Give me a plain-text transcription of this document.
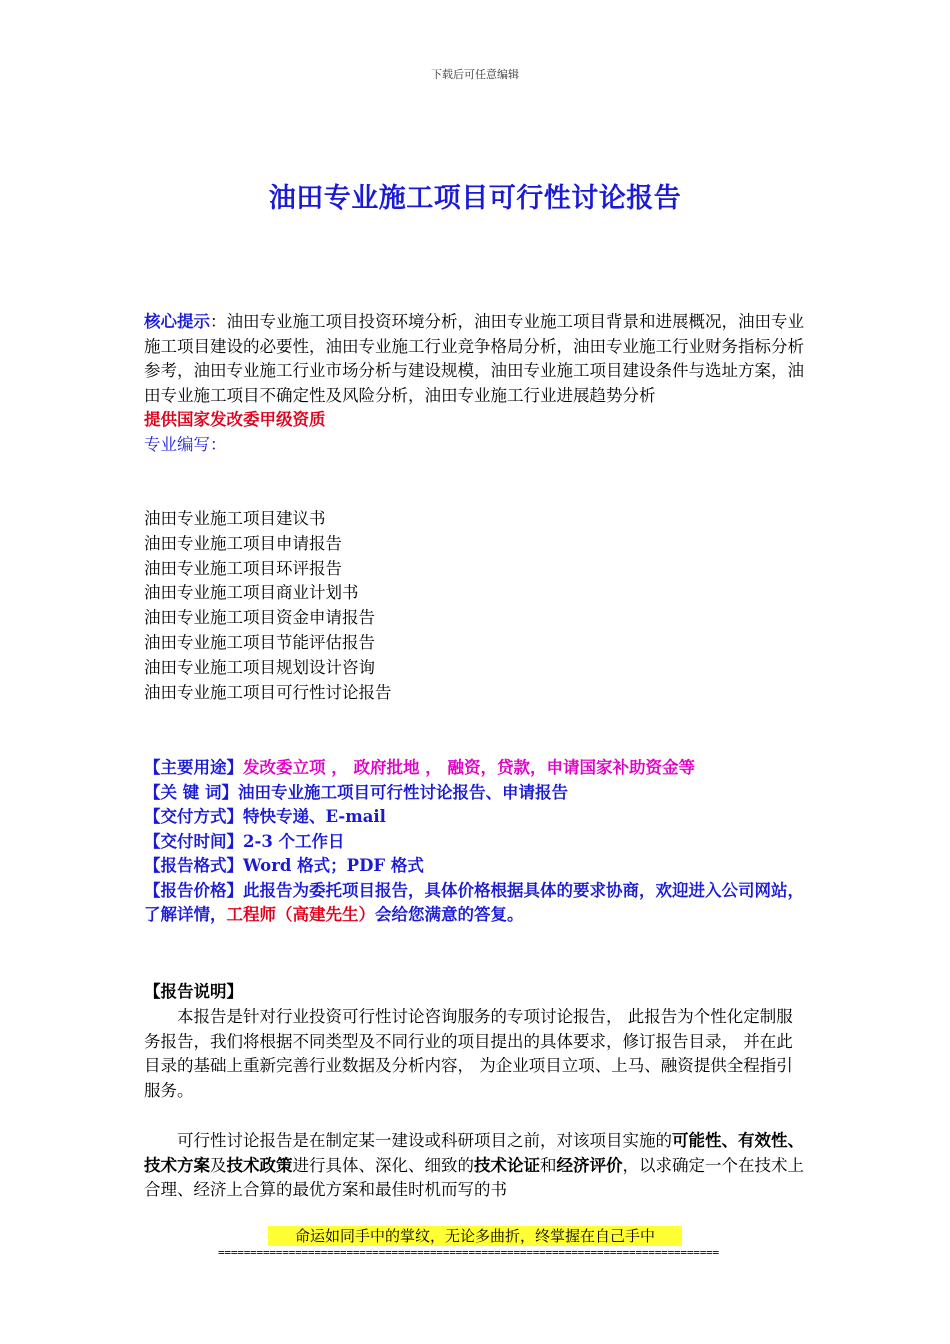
下载后可任意编辑
油田专业施工项目可行性讨论报告
核心提示：油田专业施工项目投资环境分析，油田专业施工项目背景和进展概况，油田专业施工项目建设的必要性，油田专业施工行业竞争格局分析，油田专业施工行业财务指标分析参考，油田专业施工行业市场分析与建设规模，油田专业施工项目建设条件与选址方案，油田专业施工项目不确定性及风险分析，油田专业施工行业进展趋势分析
提供国家发改委甲级资质
专业编写：
油田专业施工项目建议书
油田专业施工项目申请报告
油田专业施工项目环评报告
油田专业施工项目商业计划书
油田专业施工项目资金申请报告
油田专业施工项目节能评估报告
油田专业施工项目规划设计咨询
油田专业施工项目可行性讨论报告
【主要用途】发改委立项 ， 政府批地 ， 融资，贷款，申请国家补助资金等
【关 键 词】油田专业施工项目可行性讨论报告、申请报告
【交付方式】特快专递、E-mail
【交付时间】2-3 个工作日
【报告格式】Word 格式；PDF 格式
【报告价格】此报告为委托项目报告，具体价格根据具体的要求协商，欢迎进入公司网站，了解详情，工程师（高建先生）会给您满意的答复。
【报告说明】
本报告是针对行业投资可行性讨论咨询服务的专项讨论报告， 此报告为个性化定制服务报告，我们将根据不同类型及不同行业的项目提出的具体要求，修订报告目录， 并在此目录的基础上重新完善行业数据及分析内容， 为企业项目立项、上马、融资提供全程指引服务。
可行性讨论报告是在制定某一建设或科研项目之前，对该项目实施的可能性、有效性、技术方案及技术政策进行具体、深化、细致的技术论证和经济评价，以求确定一个在技术上合理、经济上合算的最优方案和最佳时机而写的书
命运如同手中的掌纹，无论多曲折，终掌握在自己手中
==============================================================================
